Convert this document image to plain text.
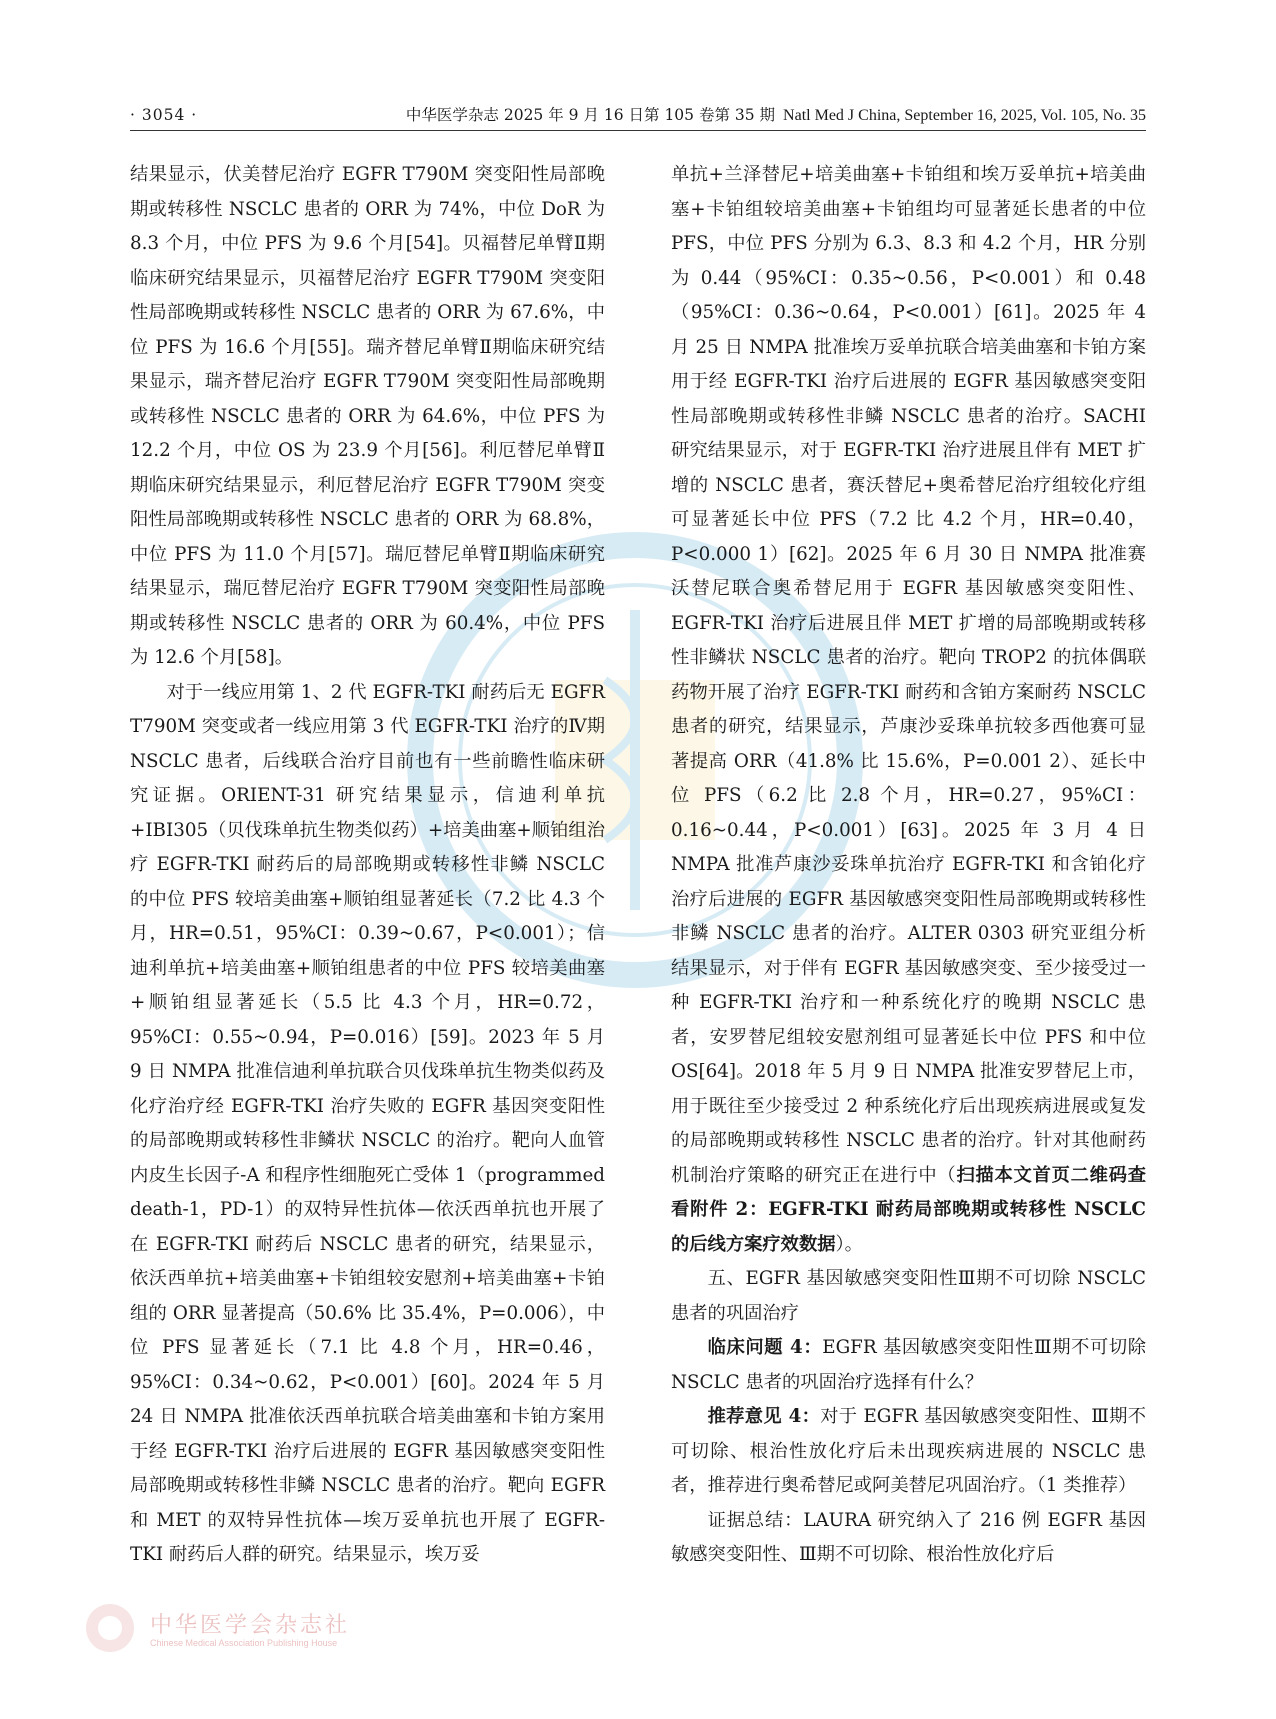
· 3054 ·	中华医学杂志 2025 年 9 月 16 日第 105 卷第 35 期 Natl Med J China, September 16, 2025, Vol. 105, No. 35

结果显示，伏美替尼治疗 EGFR T790M 突变阳性局部晚期或转移性 NSCLC 患者的 ORR 为 74%，中位 DoR 为 8.3 个月，中位 PFS 为 9.6 个月[54]。贝福替尼单臂Ⅱ期临床研究结果显示，贝福替尼治疗 EGFR T790M 突变阳性局部晚期或转移性 NSCLC 患者的 ORR 为 67.6%，中位 PFS 为 16.6 个月[55]。瑞齐替尼单臂Ⅱ期临床研究结果显示，瑞齐替尼治疗 EGFR T790M 突变阳性局部晚期或转移性 NSCLC 患者的 ORR 为 64.6%，中位 PFS 为 12.2 个月，中位 OS 为 23.9 个月[56]。利厄替尼单臂Ⅱ期临床研究结果显示，利厄替尼治疗 EGFR T790M 突变阳性局部晚期或转移性 NSCLC 患者的 ORR 为 68.8%，中位 PFS 为 11.0 个月[57]。瑞厄替尼单臂Ⅱ期临床研究结果显示，瑞厄替尼治疗 EGFR T790M 突变阳性局部晚期或转移性 NSCLC 患者的 ORR 为 60.4%，中位 PFS 为 12.6 个月[58]。

对于一线应用第 1、2 代 EGFR-TKI 耐药后无 EGFR T790M 突变或者一线应用第 3 代 EGFR-TKI 治疗的Ⅳ期 NSCLC 患者，后线联合治疗目前也有一些前瞻性临床研究证据。ORIENT-31 研究结果显示，信迪利单抗+IBI305（贝伐珠单抗生物类似药）+培美曲塞+顺铂组治疗 EGFR-TKI 耐药后的局部晚期或转移性非鳞 NSCLC 的中位 PFS 较培美曲塞+顺铂组显著延长（7.2 比 4.3 个月，HR=0.51，95%CI：0.39~0.67，P<0.001）；信迪利单抗+培美曲塞+顺铂组患者的中位 PFS 较培美曲塞+顺铂组显著延长（5.5 比 4.3 个月，HR=0.72，95%CI：0.55~0.94，P=0.016）[59]。2023 年 5 月 9 日 NMPA 批准信迪利单抗联合贝伐珠单抗生物类似药及化疗治疗经 EGFR-TKI 治疗失败的 EGFR 基因突变阳性的局部晚期或转移性非鳞状 NSCLC 的治疗。靶向人血管内皮生长因子-A 和程序性细胞死亡受体 1（programmed death-1，PD-1）的双特异性抗体—依沃西单抗也开展了在 EGFR-TKI 耐药后 NSCLC 患者的研究，结果显示，依沃西单抗+培美曲塞+卡铂组较安慰剂+培美曲塞+卡铂组的 ORR 显著提高（50.6% 比 35.4%，P=0.006），中位 PFS 显著延长（7.1 比 4.8 个月，HR=0.46，95%CI：0.34~0.62，P<0.001）[60]。2024 年 5 月 24 日 NMPA 批准依沃西单抗联合培美曲塞和卡铂方案用于经 EGFR-TKI 治疗后进展的 EGFR 基因敏感突变阳性局部晚期或转移性非鳞 NSCLC 患者的治疗。靶向 EGFR 和 MET 的双特异性抗体—埃万妥单抗也开展了 EGFR-TKI 耐药后人群的研究。结果显示，埃万妥

单抗+兰泽替尼+培美曲塞+卡铂组和埃万妥单抗+培美曲塞+卡铂组较培美曲塞+卡铂组均可显著延长患者的中位 PFS，中位 PFS 分别为 6.3、8.3 和 4.2 个月，HR 分别为 0.44（95%CI：0.35~0.56，P<0.001）和 0.48（95%CI：0.36~0.64，P<0.001）[61]。2025 年 4 月 25 日 NMPA 批准埃万妥单抗联合培美曲塞和卡铂方案用于经 EGFR-TKI 治疗后进展的 EGFR 基因敏感突变阳性局部晚期或转移性非鳞 NSCLC 患者的治疗。SACHI 研究结果显示，对于 EGFR-TKI 治疗进展且伴有 MET 扩增的 NSCLC 患者，赛沃替尼+奥希替尼治疗组较化疗组可显著延长中位 PFS（7.2 比 4.2 个月，HR=0.40，P<0.000 1）[62]。2025 年 6 月 30 日 NMPA 批准赛沃替尼联合奥希替尼用于 EGFR 基因敏感突变阳性、EGFR-TKI 治疗后进展且伴 MET 扩增的局部晚期或转移性非鳞状 NSCLC 患者的治疗。靶向 TROP2 的抗体偶联药物开展了治疗 EGFR-TKI 耐药和含铂方案耐药 NSCLC 患者的研究，结果显示，芦康沙妥珠单抗较多西他赛可显著提高 ORR（41.8% 比 15.6%，P=0.001 2）、延长中位 PFS（6.2 比 2.8 个月，HR=0.27，95%CI：0.16~0.44，P<0.001）[63]。2025 年 3 月 4 日 NMPA 批准芦康沙妥珠单抗治疗 EGFR-TKI 和含铂化疗治疗后进展的 EGFR 基因敏感突变阳性局部晚期或转移性非鳞 NSCLC 患者的治疗。ALTER 0303 研究亚组分析结果显示，对于伴有 EGFR 基因敏感突变、至少接受过一种 EGFR-TKI 治疗和一种系统化疗的晚期 NSCLC 患者，安罗替尼组较安慰剂组可显著延长中位 PFS 和中位 OS[64]。2018 年 5 月 9 日 NMPA 批准安罗替尼上市，用于既往至少接受过 2 种系统化疗后出现疾病进展或复发的局部晚期或转移性 NSCLC 患者的治疗。针对其他耐药机制治疗策略的研究正在进行中（扫描本文首页二维码查看附件 2：EGFR-TKI 耐药局部晚期或转移性 NSCLC 的后线方案疗效数据）。

五、EGFR 基因敏感突变阳性Ⅲ期不可切除 NSCLC 患者的巩固治疗

临床问题 4：EGFR 基因敏感突变阳性Ⅲ期不可切除 NSCLC 患者的巩固治疗选择有什么？

推荐意见 4：对于 EGFR 基因敏感突变阳性、Ⅲ期不可切除、根治性放化疗后未出现疾病进展的 NSCLC 患者，推荐进行奥希替尼或阿美替尼巩固治疗。（1 类推荐）

证据总结：LAURA 研究纳入了 216 例 EGFR 基因敏感突变阳性、Ⅲ期不可切除、根治性放化疗后

中华医学会杂志社
Chinese Medical Association Publishing House
